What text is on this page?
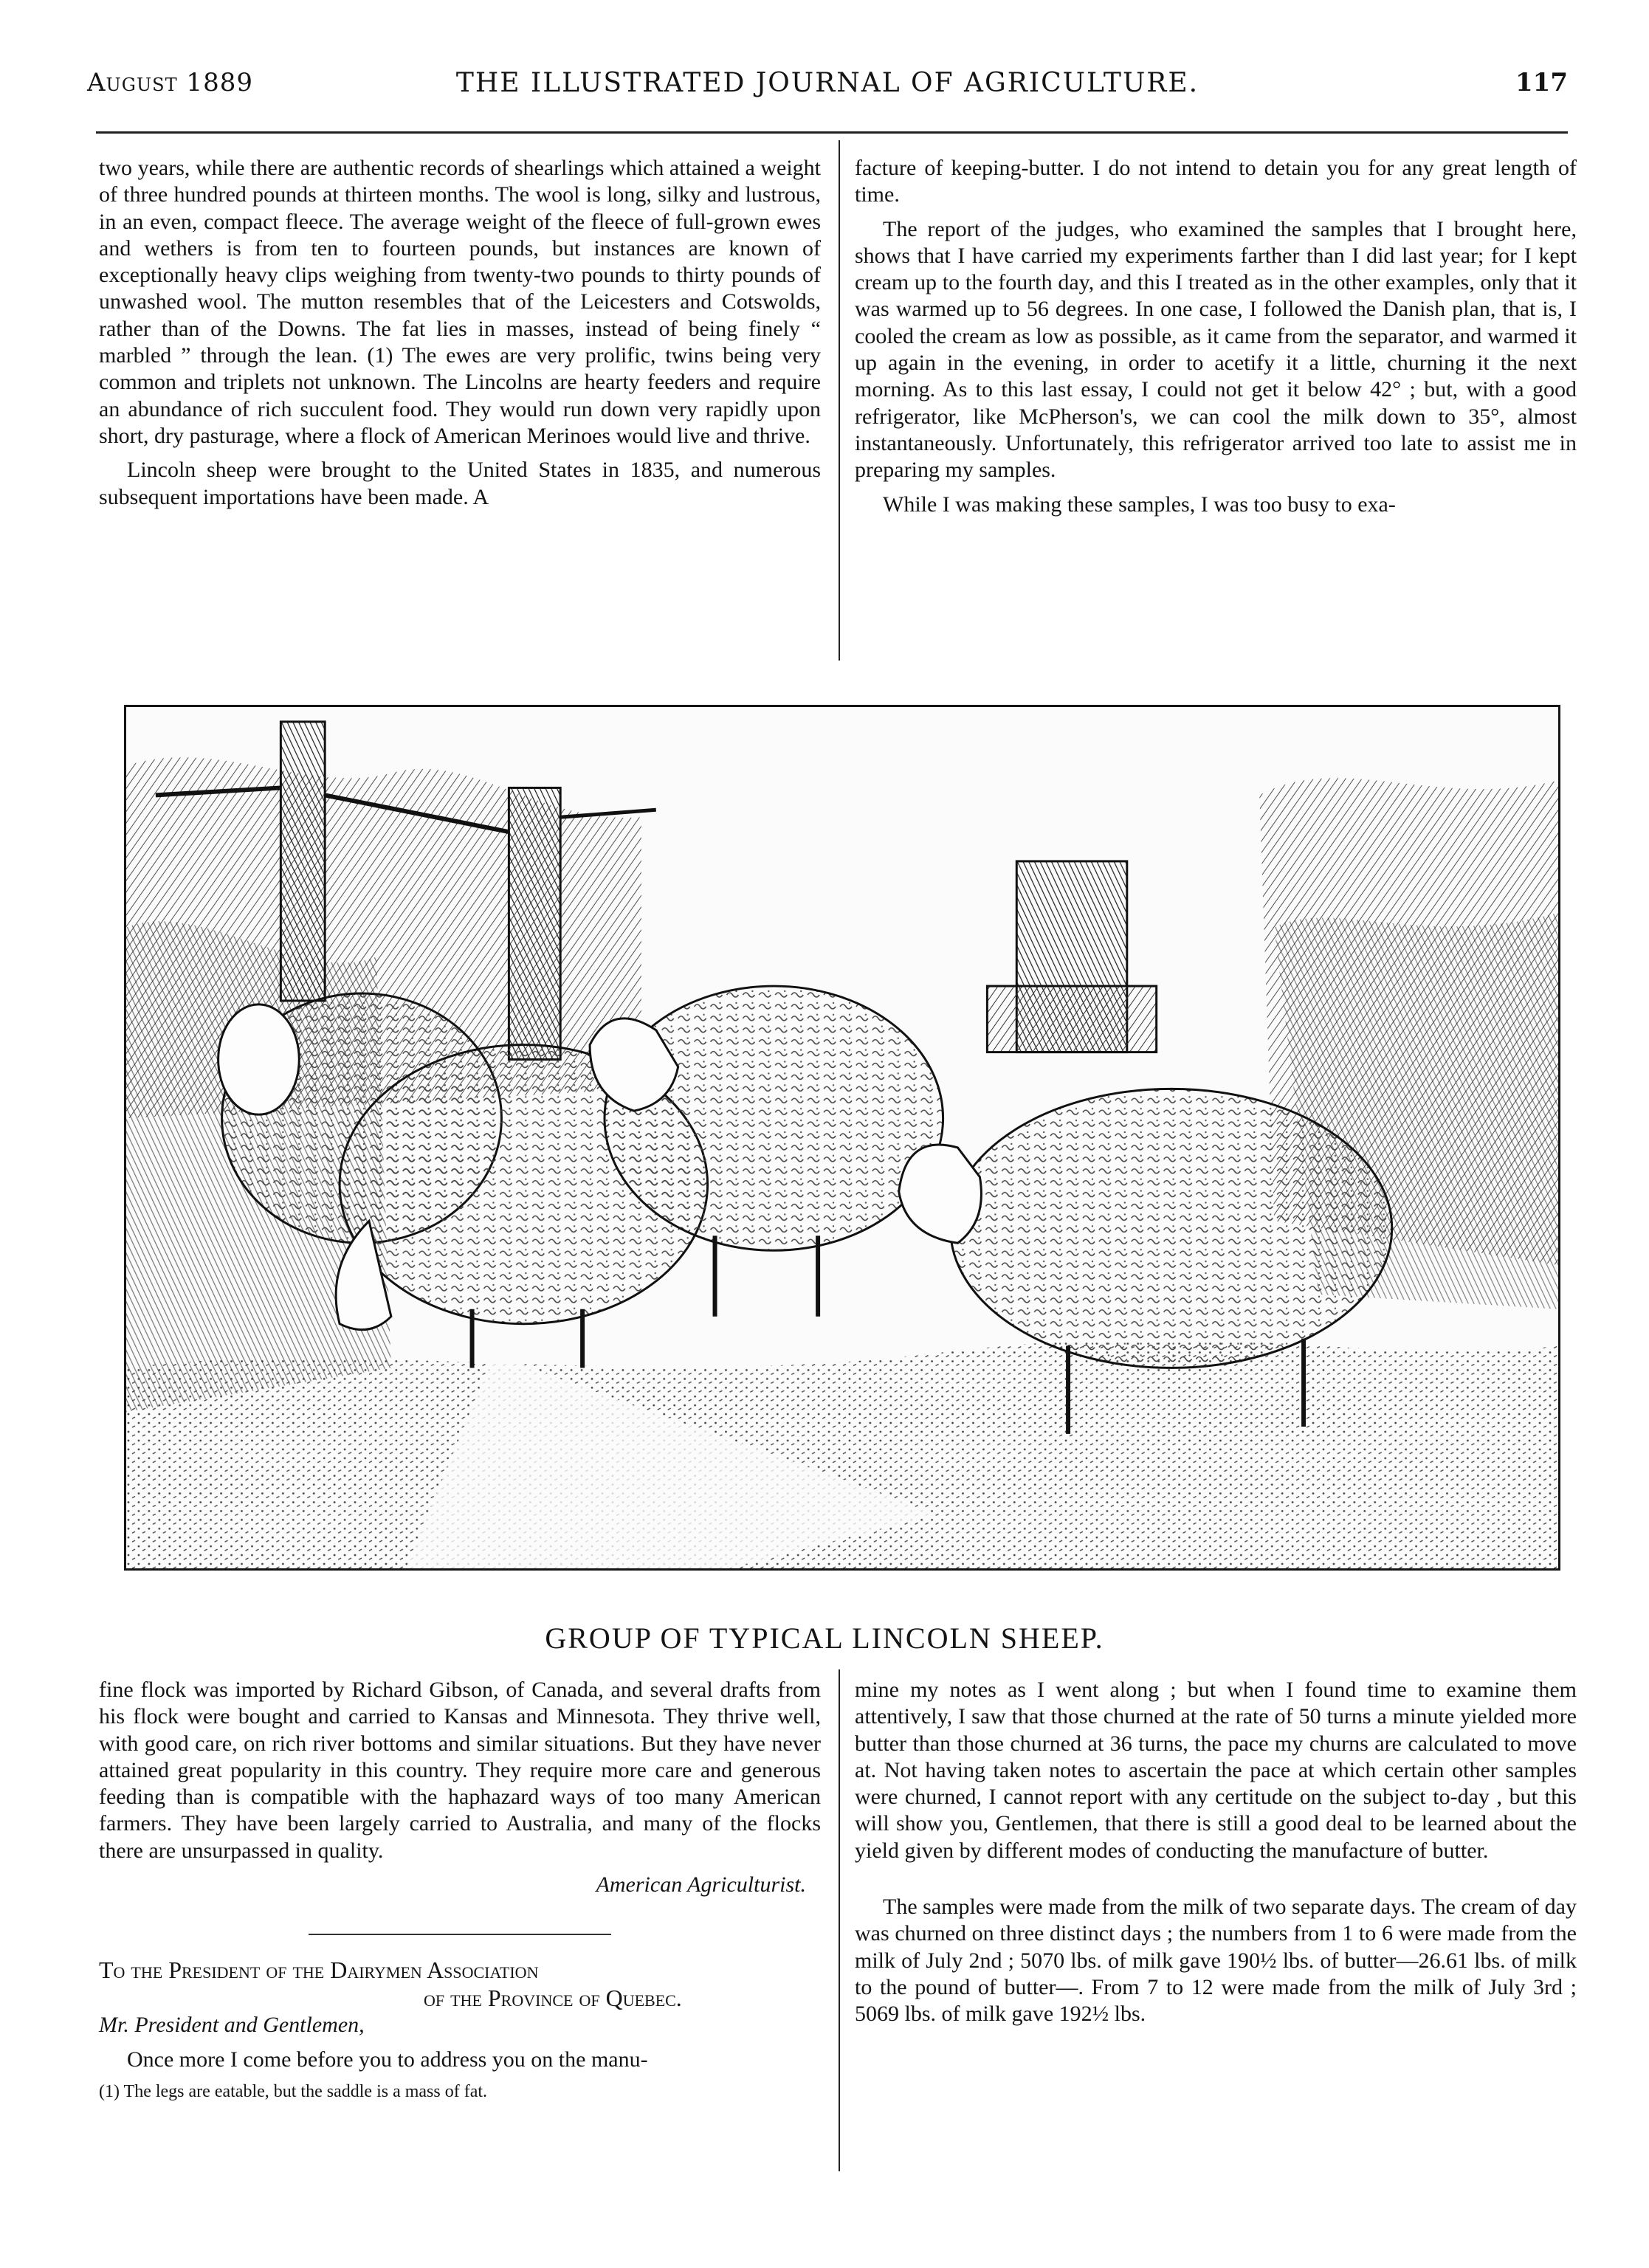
August 1889	THE ILLUSTRATED JOURNAL OF AGRICULTURE.	117

two years, while there are authentic records of shearlings which attained a weight of three hundred pounds at thirteen months. The wool is long, silky and lustrous, in an even, compact fleece. The average weight of the fleece of full-grown ewes and wethers is from ten to fourteen pounds, but instances are known of exceptionally heavy clips weighing from twenty-two pounds to thirty pounds of unwashed wool. The mutton resembles that of the Leicesters and Cotswolds, rather than of the Downs. The fat lies in masses, instead of being finely “ marbled ” through the lean. (1) The ewes are very prolific, twins being very common and triplets not unknown. The Lincolns are hearty feeders and require an abundance of rich succulent food. They would run down very rapidly upon short, dry pasturage, where a flock of American Merinoes would live and thrive.

Lincoln sheep were brought to the United States in 1835, and numerous subsequent importations have been made. A

facture of keeping-butter. I do not intend to detain you for any great length of time.

The report of the judges, who examined the samples that I brought here, shows that I have carried my experiments farther than I did last year; for I kept cream up to the fourth day, and this I treated as in the other examples, only that it was warmed up to 56 degrees. In one case, I followed the Danish plan, that is, I cooled the cream as low as possible, as it came from the separator, and warmed it up again in the evening, in order to acetify it a little, churning it the next morning. As to this last essay, I could not get it below 42° ; but, with a good refrigerator, like McPherson's, we can cool the milk down to 35°, almost instantaneously. Unfortunately, this refrigerator arrived too late to assist me in preparing my samples.

While I was making these samples, I was too busy to exa-

GROUP OF TYPICAL LINCOLN SHEEP.

fine flock was imported by Richard Gibson, of Canada, and several drafts from his flock were bought and carried to Kansas and Minnesota. They thrive well, with good care, on rich river bottoms and similar situations. But they have never attained great popularity in this country. They require more care and generous feeding than is compatible with the haphazard ways of too many American farmers. They have been largely carried to Australia, and many of the flocks there are unsurpassed in quality.

American Agriculturist.

To the President of the Dairymen Association
of the Province of Quebec.

Mr. President and Gentlemen,

Once more I come before you to address you on the manu-

(1) The legs are eatable, but the saddle is a mass of fat.

mine my notes as I went along ; but when I found time to examine them attentively, I saw that those churned at the rate of 50 turns a minute yielded more butter than those churned at 36 turns, the pace my churns are calculated to move at. Not having taken notes to ascertain the pace at which certain other samples were churned, I cannot report with any certitude on the subject to-day , but this will show you, Gentlemen, that there is still a good deal to be learned about the yield given by different modes of conducting the manufacture of butter.

The samples were made from the milk of two separate days. The cream of day was churned on three distinct days ; the numbers from 1 to 6 were made from the milk of July 2nd ; 5070 lbs. of milk gave 190½ lbs. of butter—26.61 lbs. of milk to the pound of butter—. From 7 to 12 were made from the milk of July 3rd ; 5069 lbs. of milk gave 192½ lbs.
